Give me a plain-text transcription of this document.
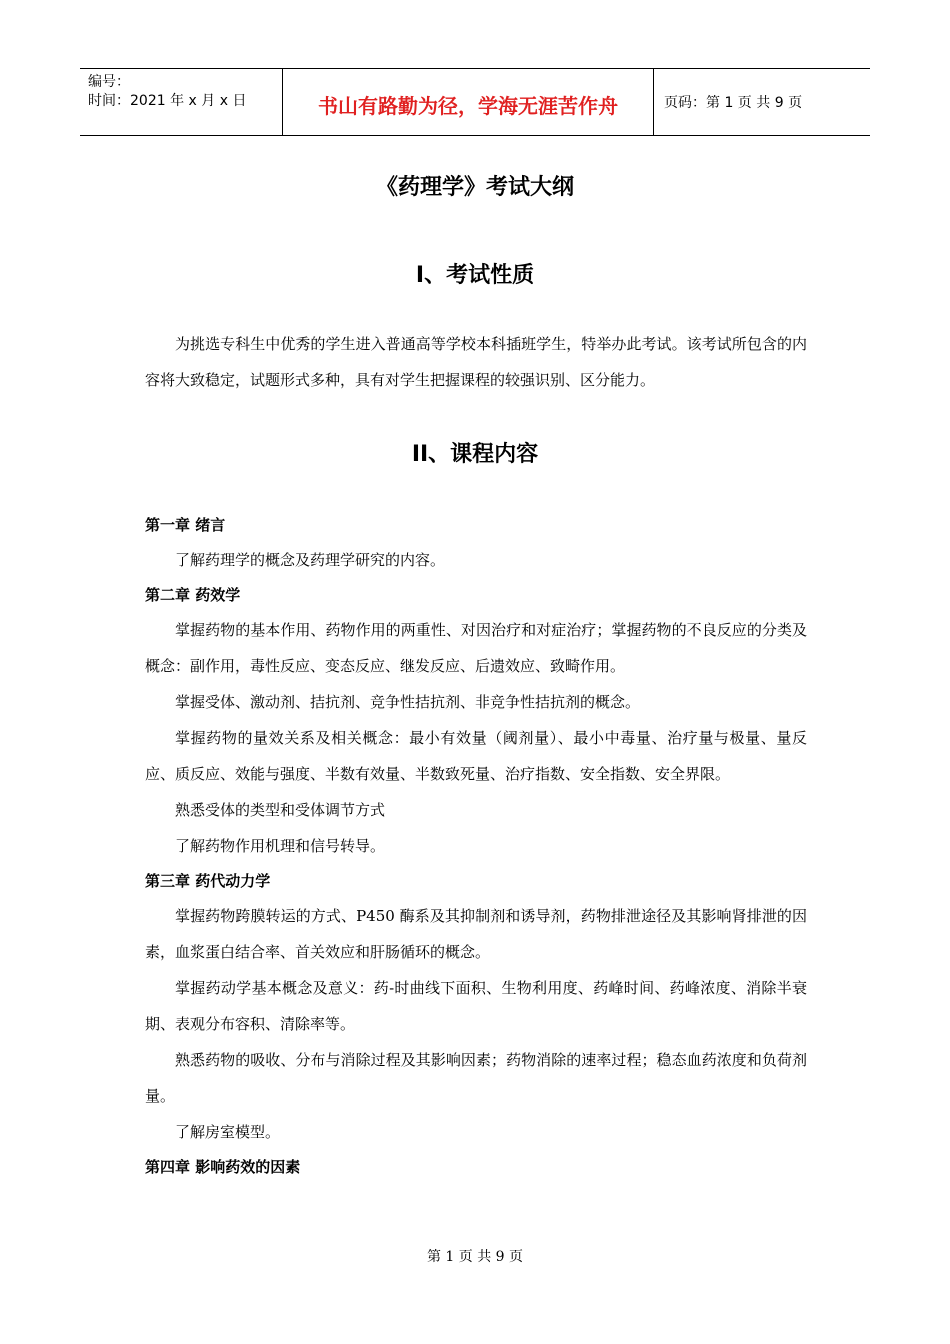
编号：
时间：2021 年 x 月 x 日	书山有路勤为径，学海无涯苦作舟	页码：第 1 页 共 9 页
《药理学》考试大纲
I、考试性质

为挑选专科生中优秀的学生进入普通高等学校本科插班学生，特举办此考试。该考试所包含的内容将大致稳定，试题形式多种，具有对学生把握课程的较强识别、区分能力。

II、课程内容
第一章 绪言

了解药理学的概念及药理学研究的内容。

第二章 药效学

掌握药物的基本作用、药物作用的两重性、对因治疗和对症治疗；掌握药物的不良反应的分类及概念：副作用，毒性反应、变态反应、继发反应、后遗效应、致畸作用。

掌握受体、激动剂、拮抗剂、竞争性拮抗剂、非竞争性拮抗剂的概念。

掌握药物的量效关系及相关概念：最小有效量（阈剂量）、最小中毒量、治疗量与极量、量反应、质反应、效能与强度、半数有效量、半数致死量、治疗指数、安全指数、安全界限。

熟悉受体的类型和受体调节方式

了解药物作用机理和信号转导。

第三章 药代动力学

掌握药物跨膜转运的方式、P450 酶系及其抑制剂和诱导剂，药物排泄途径及其影响肾排泄的因素，血浆蛋白结合率、首关效应和肝肠循环的概念。

掌握药动学基本概念及意义：药-时曲线下面积、生物利用度、药峰时间、药峰浓度、消除半衰期、表观分布容积、清除率等。

熟悉药物的吸收、分布与消除过程及其影响因素；药物消除的速率过程；稳态血药浓度和负荷剂量。

了解房室模型。

第四章 影响药效的因素
第 1 页 共 9 页
